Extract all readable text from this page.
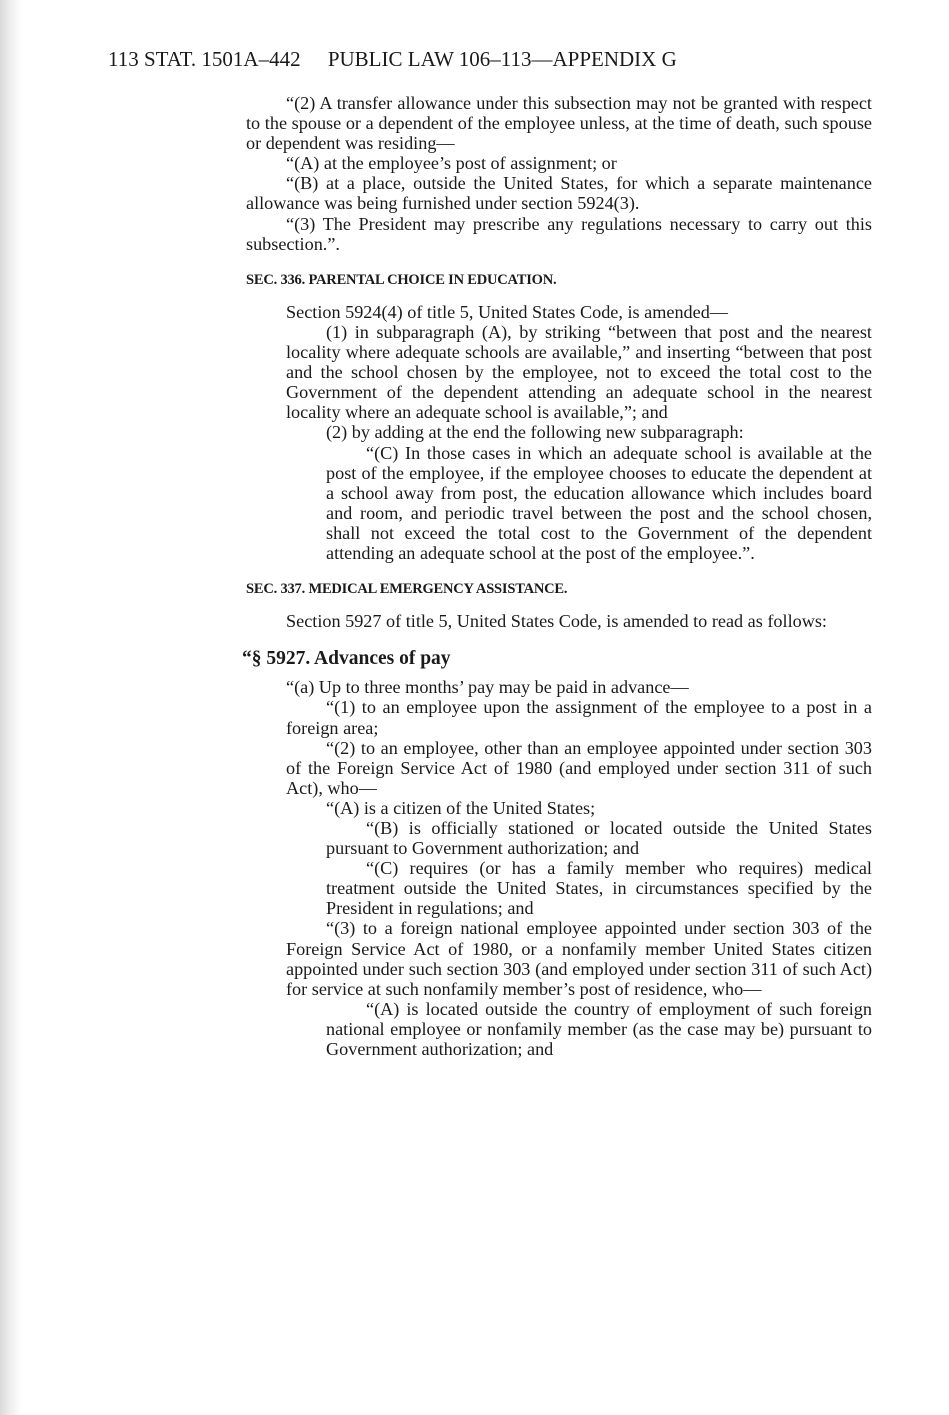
113 STAT. 1501A–442 PUBLIC LAW 106–113—APPENDIX G

“(2) A transfer allowance under this subsection may not be granted with respect to the spouse or a dependent of the employee unless, at the time of death, such spouse or dependent was residing—

“(A) at the employee’s post of assignment; or

“(B) at a place, outside the United States, for which a separate maintenance allowance was being furnished under section 5924(3).

“(3) The President may prescribe any regulations necessary to carry out this subsection.”.

SEC. 336. PARENTAL CHOICE IN EDUCATION.

Section 5924(4) of title 5, United States Code, is amended—

(1) in subparagraph (A), by striking “between that post and the nearest locality where adequate schools are available,” and inserting “between that post and the school chosen by the employee, not to exceed the total cost to the Government of the dependent attending an adequate school in the nearest locality where an adequate school is available,”; and

(2) by adding at the end the following new subparagraph:

“(C) In those cases in which an adequate school is available at the post of the employee, if the employee chooses to educate the dependent at a school away from post, the education allowance which includes board and room, and periodic travel between the post and the school chosen, shall not exceed the total cost to the Government of the dependent attending an adequate school at the post of the employee.”.

SEC. 337. MEDICAL EMERGENCY ASSISTANCE.

Section 5927 of title 5, United States Code, is amended to read as follows:

“§ 5927. Advances of pay

“(a) Up to three months’ pay may be paid in advance—

“(1) to an employee upon the assignment of the employee to a post in a foreign area;

“(2) to an employee, other than an employee appointed under section 303 of the Foreign Service Act of 1980 (and employed under section 311 of such Act), who—

“(A) is a citizen of the United States;

“(B) is officially stationed or located outside the United States pursuant to Government authorization; and

“(C) requires (or has a family member who requires) medical treatment outside the United States, in circumstances specified by the President in regulations; and

“(3) to a foreign national employee appointed under section 303 of the Foreign Service Act of 1980, or a nonfamily member United States citizen appointed under such section 303 (and employed under section 311 of such Act) for service at such nonfamily member’s post of residence, who—

“(A) is located outside the country of employment of such foreign national employee or nonfamily member (as the case may be) pursuant to Government authorization; and
